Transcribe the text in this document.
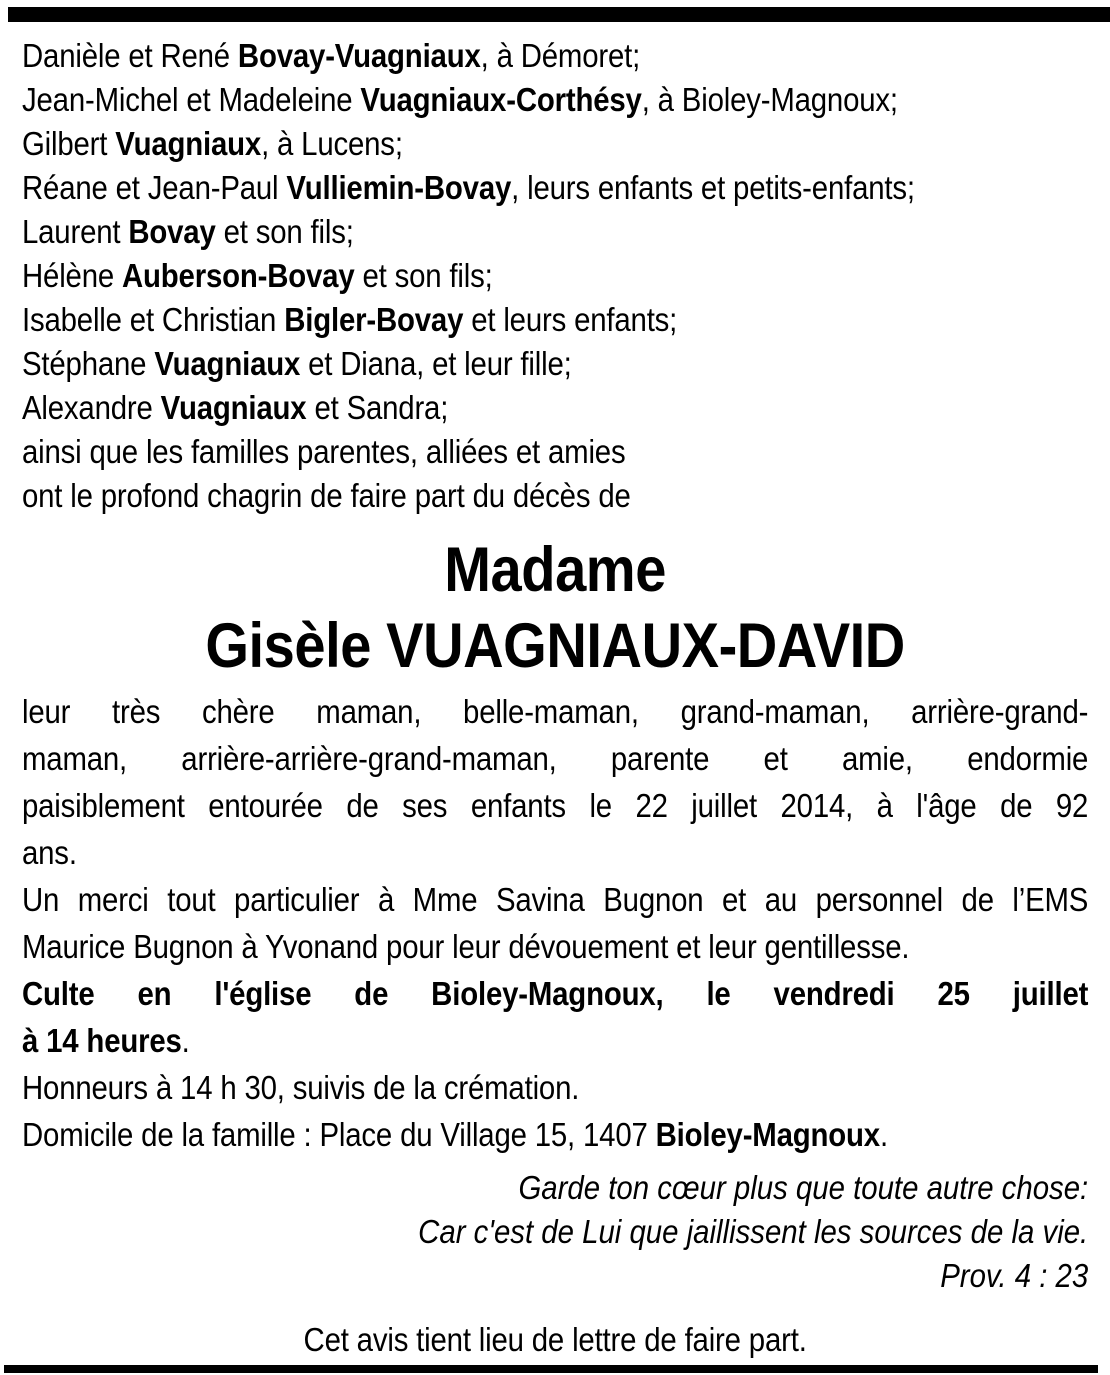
Danièle et René Bovay-Vuagniaux, à Démoret;
Jean-Michel et Madeleine Vuagniaux-Corthésy, à Bioley-Magnoux;
Gilbert Vuagniaux, à Lucens;
Réane et Jean-Paul Vulliemin-Bovay, leurs enfants et petits-enfants;
Laurent Bovay et son fils;
Hélène Auberson-Bovay et son fils;
Isabelle et Christian Bigler-Bovay et leurs enfants;
Stéphane Vuagniaux et Diana, et leur fille;
Alexandre Vuagniaux et Sandra;
ainsi que les familles parentes, alliées et amies
ont le profond chagrin de faire part du décès de
Madame
Gisèle VUAGNIAUX-DAVID
leur très chère maman, belle-maman, grand-maman, arrière-grand-
maman, arrière-arrière-grand-maman, parente et amie, endormie
paisiblement entourée de ses enfants le 22 juillet 2014, à l'âge de 92
ans.
Un merci tout particulier à Mme Savina Bugnon et au personnel de l’EMS
Maurice Bugnon à Yvonand pour leur dévouement et leur gentillesse.
Culte en l'église de Bioley-Magnoux, le vendredi 25 juillet
à 14 heures.
Honneurs à 14 h 30, suivis de la crémation.
Domicile de la famille : Place du Village 15, 1407 Bioley-Magnoux.
Garde ton cœur plus que toute autre chose:
Car c'est de Lui que jaillissent les sources de la vie.
Prov. 4 : 23
Cet avis tient lieu de lettre de faire part.
